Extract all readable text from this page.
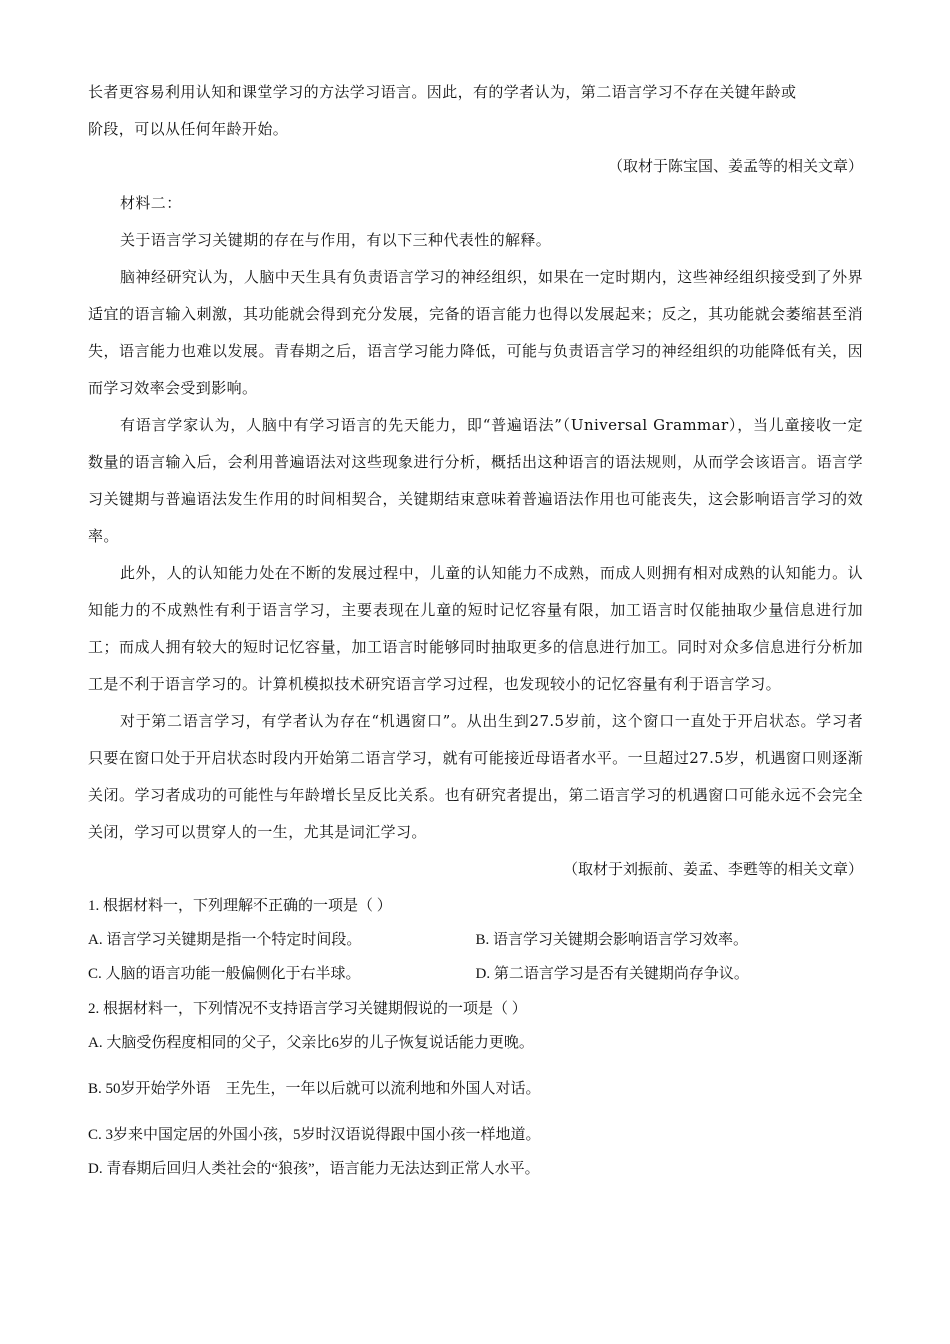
长者更容易利用认知和课堂学习的方法学习语言。因此，有的学者认为，第二语言学习不存在关键年龄或

阶段，可以从任何年龄开始。

（取材于陈宝国、姜孟等的相关文章）

材料二：

关于语言学习关键期的存在与作用，有以下三种代表性的解释。

脑神经研究认为，人脑中天生具有负责语言学习的神经组织，如果在一定时期内，这些神经组织接受到了外界适宜的语言输入刺激，其功能就会得到充分发展，完备的语言能力也得以发展起来；反之，其功能就会萎缩甚至消失，语言能力也难以发展。青春期之后，语言学习能力降低，可能与负责语言学习的神经组织的功能降低有关，因而学习效率会受到影响。

有语言学家认为，人脑中有学习语言的先天能力，即“普遍语法”（Universal Grammar），当儿童接收一定数量的语言输入后，会利用普遍语法对这些现象进行分析，概括出这种语言的语法规则，从而学会该语言。语言学习关键期与普遍语法发生作用的时间相契合，关键期结束意味着普遍语法作用也可能丧失，这会影响语言学习的效率。

此外，人的认知能力处在不断的发展过程中，儿童的认知能力不成熟，而成人则拥有相对成熟的认知能力。认知能力的不成熟性有利于语言学习，主要表现在儿童的短时记忆容量有限，加工语言时仅能抽取少量信息进行加工；而成人拥有较大的短时记忆容量，加工语言时能够同时抽取更多的信息进行加工。同时对众多信息进行分析加工是不利于语言学习的。计算机模拟技术研究语言学习过程，也发现较小的记忆容量有利于语言学习。

对于第二语言学习，有学者认为存在“机遇窗口”。从出生到27.5岁前，这个窗口一直处于开启状态。学习者只要在窗口处于开启状态时段内开始第二语言学习，就有可能接近母语者水平。一旦超过27.5岁，机遇窗口则逐渐关闭。学习者成功的可能性与年龄增长呈反比关系。也有研究者提出，第二语言学习的机遇窗口可能永远不会完全关闭，学习可以贯穿人的一生，尤其是词汇学习。

（取材于刘振前、姜孟、李甦等的相关文章）

1. 根据材料一，下列理解· · · 不正确的一项是（ ）
A. 语言学习关键期是指一个特定时间段。	B. 语言学习关键期会影响语言学习效率。
C. 人脑的语言功能一般偏侧化于右半球。	D. 第二语言学习是否有关键期尚存争议。
2. 根据材料一，下列情况· · · 不支持语言学习关键期假说的一项是（ ）
A. 大脑受伤程度相同的父子，父亲比6岁的儿子恢复说话能力更晚。
B. 50岁开始学外语　王先生，一年以后就可以流利地和外国人对话。
C. 3岁来中国定居的外国小孩，5岁时汉语说得跟中国小孩一样地道。
D. 青春期后回归人类社会的“狼孩”，语言能力无法达到正常人水平。
